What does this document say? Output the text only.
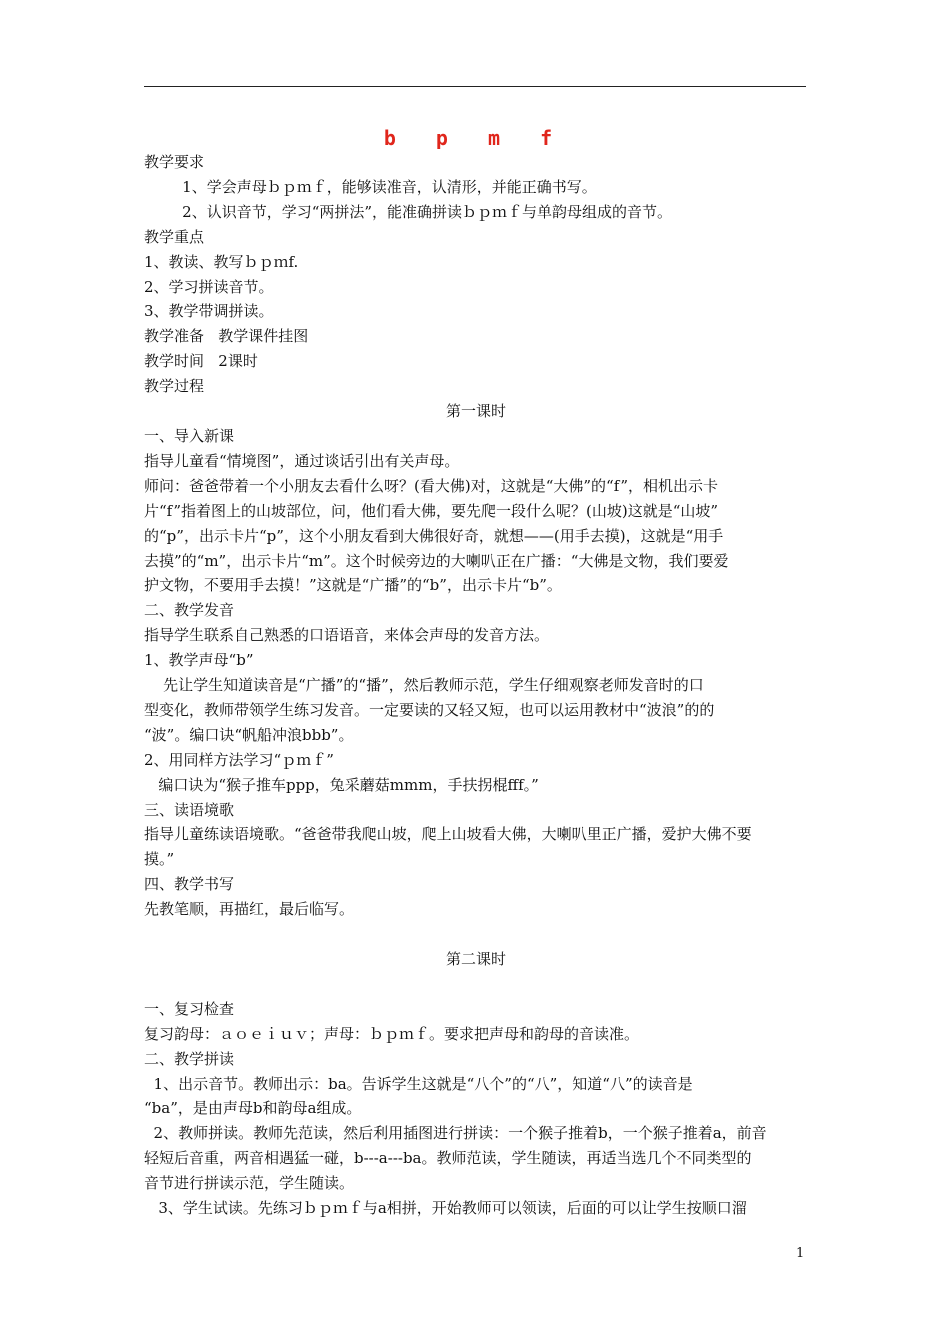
b p m f
教学要求
1、学会声母ｂｐｍｆ，能够读准音，认清形，并能正确书写。
2、认识音节，学习“两拼法”，能准确拼读ｂｐｍｆ与单韵母组成的音节。
教学重点
1、教读、教写ｂｐｍf.
2、学习拼读音节。
3、教学带调拼读。
教学准备   教学课件挂图
教学时间   2课时
教学过程
第一课时
一、导入新课
指导儿童看“情境图”，通过谈话引出有关声母。
师问：爸爸带着一个小朋友去看什么呀？(看大佛)对，这就是“大佛”的“f”，相机出示卡
片“f”指着图上的山坡部位，问，他们看大佛，要先爬一段什么呢？(山坡)这就是“山坡”
的“p”，出示卡片“p”，这个小朋友看到大佛很好奇，就想——(用手去摸)，这就是“用手
去摸”的“m”，出示卡片“m”。这个时候旁边的大喇叭正在广播：“大佛是文物，我们要爱
护文物，不要用手去摸！”这就是“广播”的“b”，出示卡片“b”。
二、教学发音
指导学生联系自己熟悉的口语语音，来体会声母的发音方法。
1、教学声母“b”
先让学生知道读音是“广播”的“播”，然后教师示范，学生仔细观察老师发音时的口
型变化，教师带领学生练习发音。一定要读的又轻又短，也可以运用教材中“波浪”的的
“波”。编口诀“帆船冲浪bbb”。
2、用同样方法学习“ｐｍｆ”
编口诀为“猴子推车ppp，兔采蘑菇mmm，手扶拐棍fff。”
三、读语境歌
指导儿童练读语境歌。“爸爸带我爬山坡，爬上山坡看大佛，大喇叭里正广播，爱护大佛不要
摸。”
四、教学书写
先教笔顺，再描红，最后临写。
第二课时
一、复习检查
复习韵母：ａｏｅｉｕｖ；声母：ｂｐｍｆ。要求把声母和韵母的音读准。
二、教学拼读
1、出示音节。教师出示：ba。告诉学生这就是“八个”的“八”，知道“八”的读音是
“ba”，是由声母b和韵母a组成。
2、教师拼读。教师先范读，然后利用插图进行拼读：一个猴子推着b，一个猴子推着a，前音
轻短后音重，两音相遇猛一碰，b---a---ba。教师范读，学生随读，再适当选几个不同类型的
音节进行拼读示范，学生随读。
3、学生试读。先练习ｂｐｍｆ与a相拼，开始教师可以领读，后面的可以让学生按顺口溜
1
